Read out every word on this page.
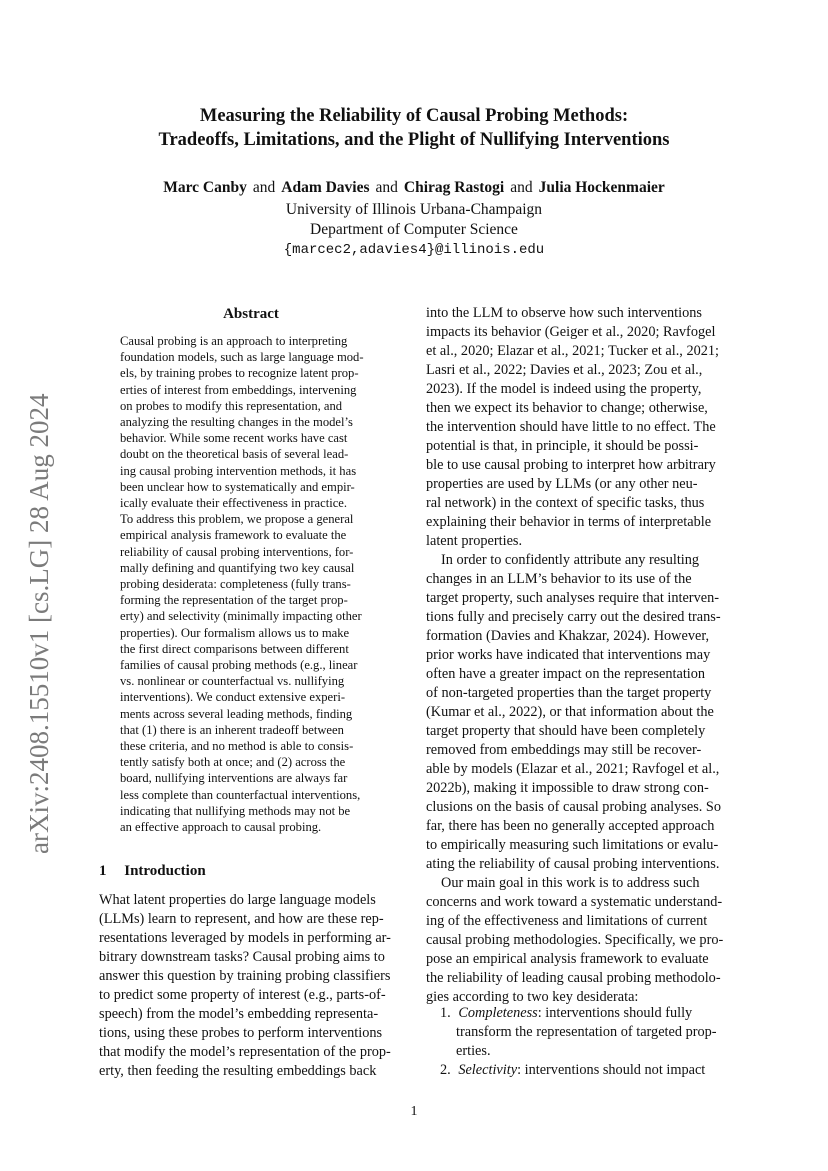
Measuring the Reliability of Causal Probing Methods:
Tradeoffs, Limitations, and the Plight of Nullifying Interventions
Marc Canby and Adam Davies and Chirag Rastogi and Julia Hockenmaier
University of Illinois Urbana-Champaign
Department of Computer Science
{marcec2,adavies4}@illinois.edu
arXiv:2408.15510v1 [cs.LG] 28 Aug 2024
Abstract
Causal probing is an approach to interpreting
foundation models, such as large language mod-
els, by training probes to recognize latent prop-
erties of interest from embeddings, intervening
on probes to modify this representation, and
analyzing the resulting changes in the model’s
behavior. While some recent works have cast
doubt on the theoretical basis of several lead-
ing causal probing intervention methods, it has
been unclear how to systematically and empir-
ically evaluate their effectiveness in practice.
To address this problem, we propose a general
empirical analysis framework to evaluate the
reliability of causal probing interventions, for-
mally defining and quantifying two key causal
probing desiderata: completeness (fully trans-
forming the representation of the target prop-
erty) and selectivity (minimally impacting other
properties). Our formalism allows us to make
the first direct comparisons between different
families of causal probing methods (e.g., linear
vs. nonlinear or counterfactual vs. nullifying
interventions). We conduct extensive experi-
ments across several leading methods, finding
that (1) there is an inherent tradeoff between
these criteria, and no method is able to consis-
tently satisfy both at once; and (2) across the
board, nullifying interventions are always far
less complete than counterfactual interventions,
indicating that nullifying methods may not be
an effective approach to causal probing.
1 Introduction
What latent properties do large language models
(LLMs) learn to represent, and how are these rep-
resentations leveraged by models in performing ar-
bitrary downstream tasks? Causal probing aims to
answer this question by training probing classifiers
to predict some property of interest (e.g., parts-of-
speech) from the model’s embedding representa-
tions, using these probes to perform interventions
that modify the model’s representation of the prop-
erty, then feeding the resulting embeddings back
into the LLM to observe how such interventions
impacts its behavior (Geiger et al., 2020; Ravfogel
et al., 2020; Elazar et al., 2021; Tucker et al., 2021;
Lasri et al., 2022; Davies et al., 2023; Zou et al.,
2023). If the model is indeed using the property,
then we expect its behavior to change; otherwise,
the intervention should have little to no effect. The
potential is that, in principle, it should be possi-
ble to use causal probing to interpret how arbitrary
properties are used by LLMs (or any other neu-
ral network) in the context of specific tasks, thus
explaining their behavior in terms of interpretable
latent properties.
In order to confidently attribute any resulting
changes in an LLM’s behavior to its use of the
target property, such analyses require that interven-
tions fully and precisely carry out the desired trans-
formation (Davies and Khakzar, 2024). However,
prior works have indicated that interventions may
often have a greater impact on the representation
of non-targeted properties than the target property
(Kumar et al., 2022), or that information about the
target property that should have been completely
removed from embeddings may still be recover-
able by models (Elazar et al., 2021; Ravfogel et al.,
2022b), making it impossible to draw strong con-
clusions on the basis of causal probing analyses. So
far, there has been no generally accepted approach
to empirically measuring such limitations or evalu-
ating the reliability of causal probing interventions.
Our main goal in this work is to address such
concerns and work toward a systematic understand-
ing of the effectiveness and limitations of current
causal probing methodologies. Specifically, we pro-
pose an empirical analysis framework to evaluate
the reliability of leading causal probing methodolo-
gies according to two key desiderata:
1. Completeness: interventions should fully
transform the representation of targeted prop-
erties.
2. Selectivity: interventions should not impact
1
